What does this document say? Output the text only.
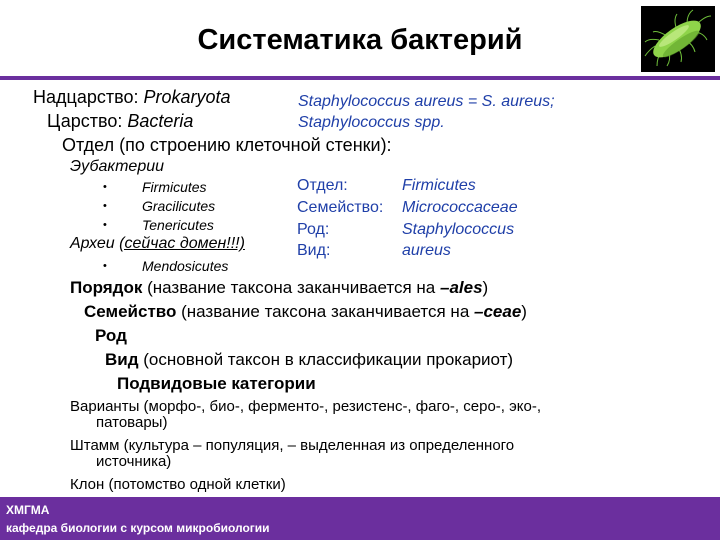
Систематика бактерий
Надцарство: Prokaryota
Царство: Bacteria
Отдел (по строению клеточной стенки):
Эубактерии
•	Firmicutes
•	Gracilicutes
•	Tenericutes
Археи (сейчас домен!!!)
•	Mendosicutes
Staphylococcus aureus = S. aureus;
Staphylococcus spp.
Отдел:	Firmicutes
Семейство: Micrococcaceae
Род:	Staphylococcus
Вид:	aureus
Порядок (название таксона заканчивается на –ales)
Семейство (название таксона заканчивается на –ceae)
Род
Вид (основной таксон в классификации прокариот)
Подвидовые категории
Варианты (морфо-, био-, ферменто-, резистенс-, фаго-, серо-, эко-,
патовары)
Штамм (культура – популяция, – выделенная из определенного
источника)
Клон (потомство одной клетки)
ХМГМА
кафедра биологии с курсом микробиологии
